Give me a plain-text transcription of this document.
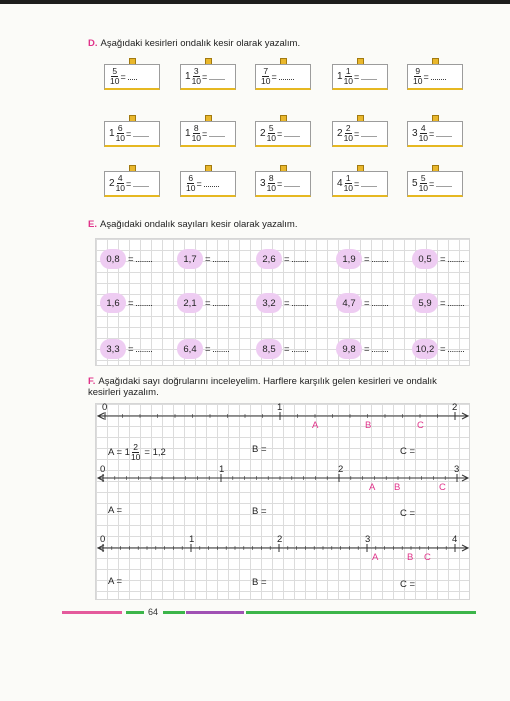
D. Aşağıdaki kesirleri ondalık kesir olarak yazalım.
$\frac{5}{10}$ = .....	$1 \frac{3}{10}$ = ........	$\frac{7}{10}$ = ........	$1 \frac{1}{10}$ = ........	$\frac{9}{10}$ = ........
$1 \frac{6}{10}$ = ........	$1 \frac{8}{10}$ = ........	$2 \frac{5}{10}$ = ........	$2 \frac{2}{10}$ = ........	$3 \frac{4}{10}$ = ........
$2 \frac{4}{10}$ = ........	$\frac{6}{10}$ = ........	$3 \frac{8}{10}$ = ........	$4 \frac{1}{10}$ = ........	$5 \frac{5}{10}$ = ........
E. Aşağıdaki ondalık sayıları kesir olarak yazalım.
0,8 = ........	1,7 = ........	2,6 = ........	1,9 = ........	0,5 = ........
1,6 = ........	2,1 = ........	3,2 = ........	4,7 = ........	5,9 = ........
3,3 = ........	6,4 = ........	8,5 = ........	9,8 = ........	10,2 = ........
F. Aşağıdaki sayı doğrularını inceleyelim. Harflere karşılık gelen kesirleri ve ondalık
kesirleri yazalım.
0	1	2
A	B	C
$A = 1 \frac{2}{10} = 1,2$	B =	C =
0	1	2	3
A B	C
A =	B =	C =
0	1	2	3	4
A	B C
A =	B =	C =
64
